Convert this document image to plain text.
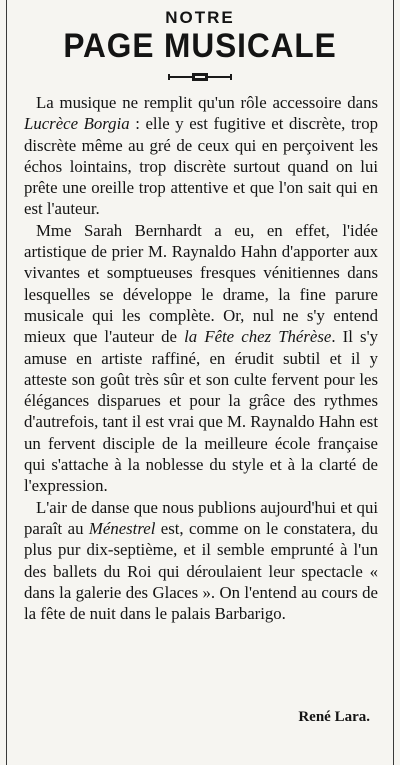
NOTRE
PAGE MUSICALE

La musique ne remplit qu'un rôle accessoire dans Lucrèce Borgia : elle y est fugitive et discrète, trop discrète même au gré de ceux qui en perçoivent les échos lointains, trop discrète surtout quand on lui prête une oreille trop attentive et que l'on sait qui en est l'auteur.

Mme Sarah Bernhardt a eu, en effet, l'idée artistique de prier M. Raynaldo Hahn d'apporter aux vivantes et somptueuses fresques vénitiennes dans lesquelles se développe le drame, la fine parure musicale qui les complète. Or, nul ne s'y entend mieux que l'auteur de la Fête chez Thérèse. Il s'y amuse en artiste raffiné, en érudit subtil et il y atteste son goût très sûr et son culte fervent pour les élégances disparues et pour la grâce des rythmes d'autrefois, tant il est vrai que M. Raynaldo Hahn est un fervent disciple de la meilleure école française qui s'attache à la noblesse du style et à la clarté de l'expression.

L'air de danse que nous publions aujourd'hui et qui paraît au Ménestrel est, comme on le constatera, du plus pur dix-septième, et il semble emprunté à l'un des ballets du Roi qui déroulaient leur spectacle « dans la galerie des Glaces ». On l'entend au cours de la fête de nuit dans le palais Barbarigo.

René Lara.
